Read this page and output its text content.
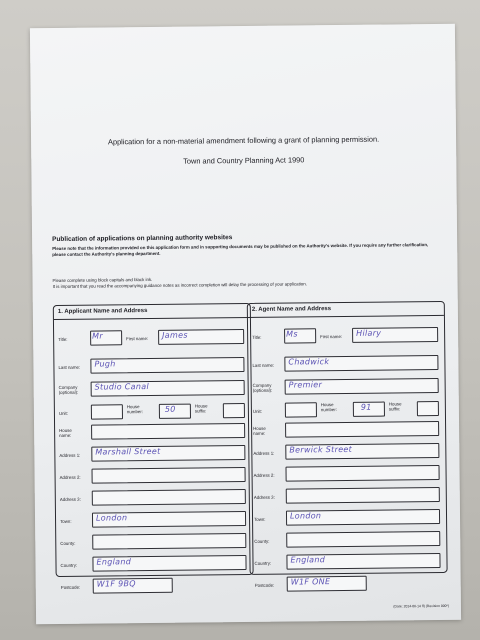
Application for a non-material amendment following a grant of planning permission.
Town and Country Planning Act 1990
Publication of applications on planning authority websites
Please note that the information provided on this application form and in supporting documents may be published on the Authority's website. If you require any further clarification, please contact the Authority's planning department.
Please complete using block capitals and black ink.
It is important that you read the accompanying guidance notes as incorrect completion will delay the processing of your application.
1. Applicant Name and Address
Title:	Mr	First name: James
Last name: Pugh
Company
(optional):
Studio Canal
Unit:
House
number:	50	House
suffix:
House
name:
Address 1: Marshall Street
Address 2:
Address 3:
Town:	London
County:
Country: England
Postcode: W1F 9BQ
2. Agent Name and Address
Title:	Ms	First name: Hilary
Last name: Chadwick
Company
(optional):
Premier
Unit:
House
number:	91	House
suffix:
House
name:
Address 1: Berwick Street
Address 2:
Address 3:
Town:	London
County:
Country: England
Postcode: W1F ONE
(Date: 2014-06-14 ff) (Revision 000*)
